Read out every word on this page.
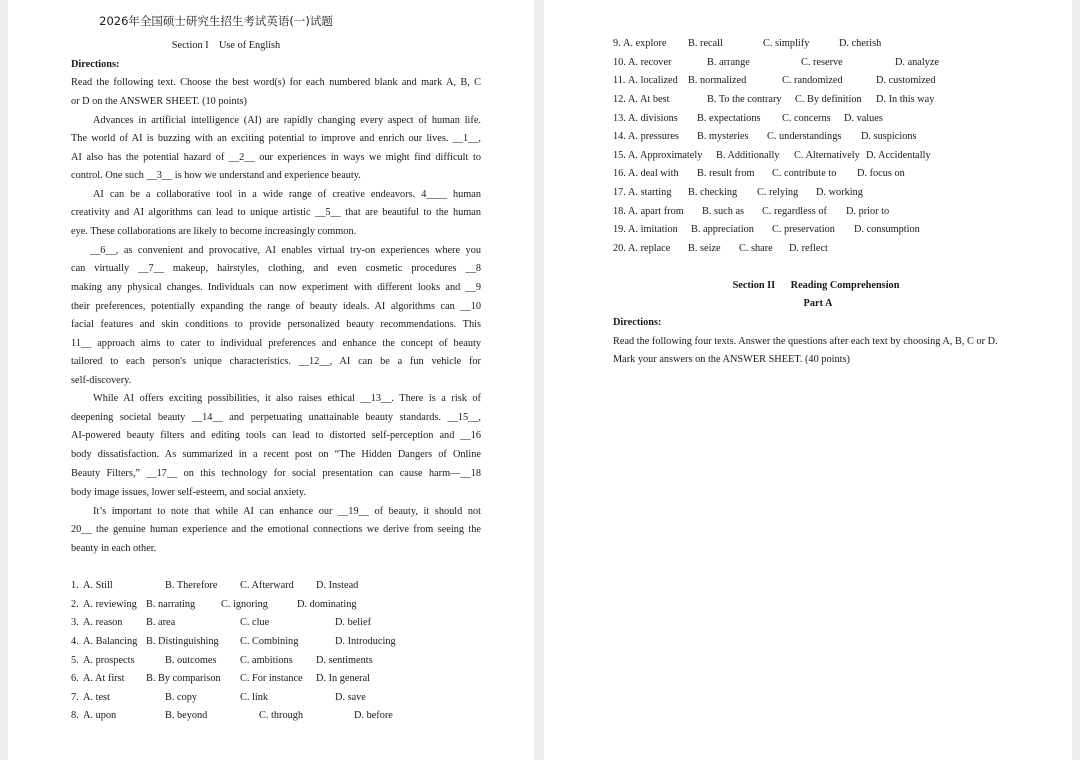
2026年全国硕士研究生招生考试英语(一)试题
Section I    Use of English
Directions:
Read the following text. Choose the best word(s) for each numbered blank and mark A, B, C
or D on the ANSWER SHEET. (10 points)
Advances in artificial intelligence (AI) are rapidly changing every aspect of human life.
The world of AI is buzzing with an exciting potential to improve and enrich our lives. __1__,
AI also has the potential hazard of __2__ our experiences in ways we might find difficult to
control. One such __3__ is how we understand and experience beauty.
AI can be a collaborative tool in a wide range of creative endeavors. 4____ human
creativity and AI algorithms can lead to unique artistic __5__ that are beautiful to the human
eye. These collaborations are likely to become increasingly common.
__6__, as convenient and provocative, AI enables virtual try-on experiences where you
can virtually __7__ makeup, hairstyles, clothing, and even cosmetic procedures __8
making any physical changes. Individuals can now experiment with different looks and __9
their preferences, potentially expanding the range of beauty ideals. AI algorithms can __10
facial features and skin conditions to provide personalized beauty recommendations. This
11__ approach aims to cater to individual preferences and enhance the concept of beauty
tailored to each person's unique characteristics. __12__, AI can be a fun vehicle for
self-discovery.
While AI offers exciting possibilities, it also raises ethical __13__. There is a risk of
deepening societal beauty __14__ and perpetuating unattainable beauty standards. __15__,
AI-powered beauty filters and editing tools can lead to distorted self-perception and __16
body dissatisfaction. As summarized in a recent post on “The Hidden Dangers of Online
Beauty Filters,” __17__ on this technology for social presentation can cause harm—__18
body image issues, lower self-esteem, and social anxiety.
It’s important to note that while AI can enhance our __19__ of beauty, it should not
20__ the genuine human experience and the emotional connections we derive from seeing the
beauty in each other.
1. A. Still	B. Therefore C. Afterward D. Instead
2. A. reviewing B. narrating	C. ignoring	D. dominating
3. A. reason B. area	C. clue	D. belief
4. A. Balancing B. Distinguishing C. Combining	D. Introducing
5. A. prospects	B. outcomes C. ambitions D. sentiments
6. A. At first B. By comparison C. For instance D. In general
7. A. test	B. copy	C. link	D. save
8. A. upon	B. beyond	C. through	D. before
9. A. explore B. recall	C. simplify	D. cherish
10. A. recover	B. arrange	C. reserve	D. analyze
11. A. localized B. normalized	C. randomized	D. customized
12. A. At best	B. To the contrary C. By definition D. In this way
13. A. divisions B. expectations C. concerns D. values
14. A. pressures B. mysteries C. understandings D. suspicions
15. A. Approximately B. Additionally C. Alternatively D. Accidentally
16. A. deal with B. result from C. contribute to D. focus on
17. A. starting B. checking C. relying D. working
18. A. apart from B. such as C. regardless of D. prior to
19. A. imitation B. appreciation C. preservation D. consumption
20. A. replace B. seize C. share D. reflect
Section II      Reading Comprehension
Part A
Directions:
Read the following four texts. Answer the questions after each text by choosing A, B, C or D.
Mark your answers on the ANSWER SHEET. (40 points)
